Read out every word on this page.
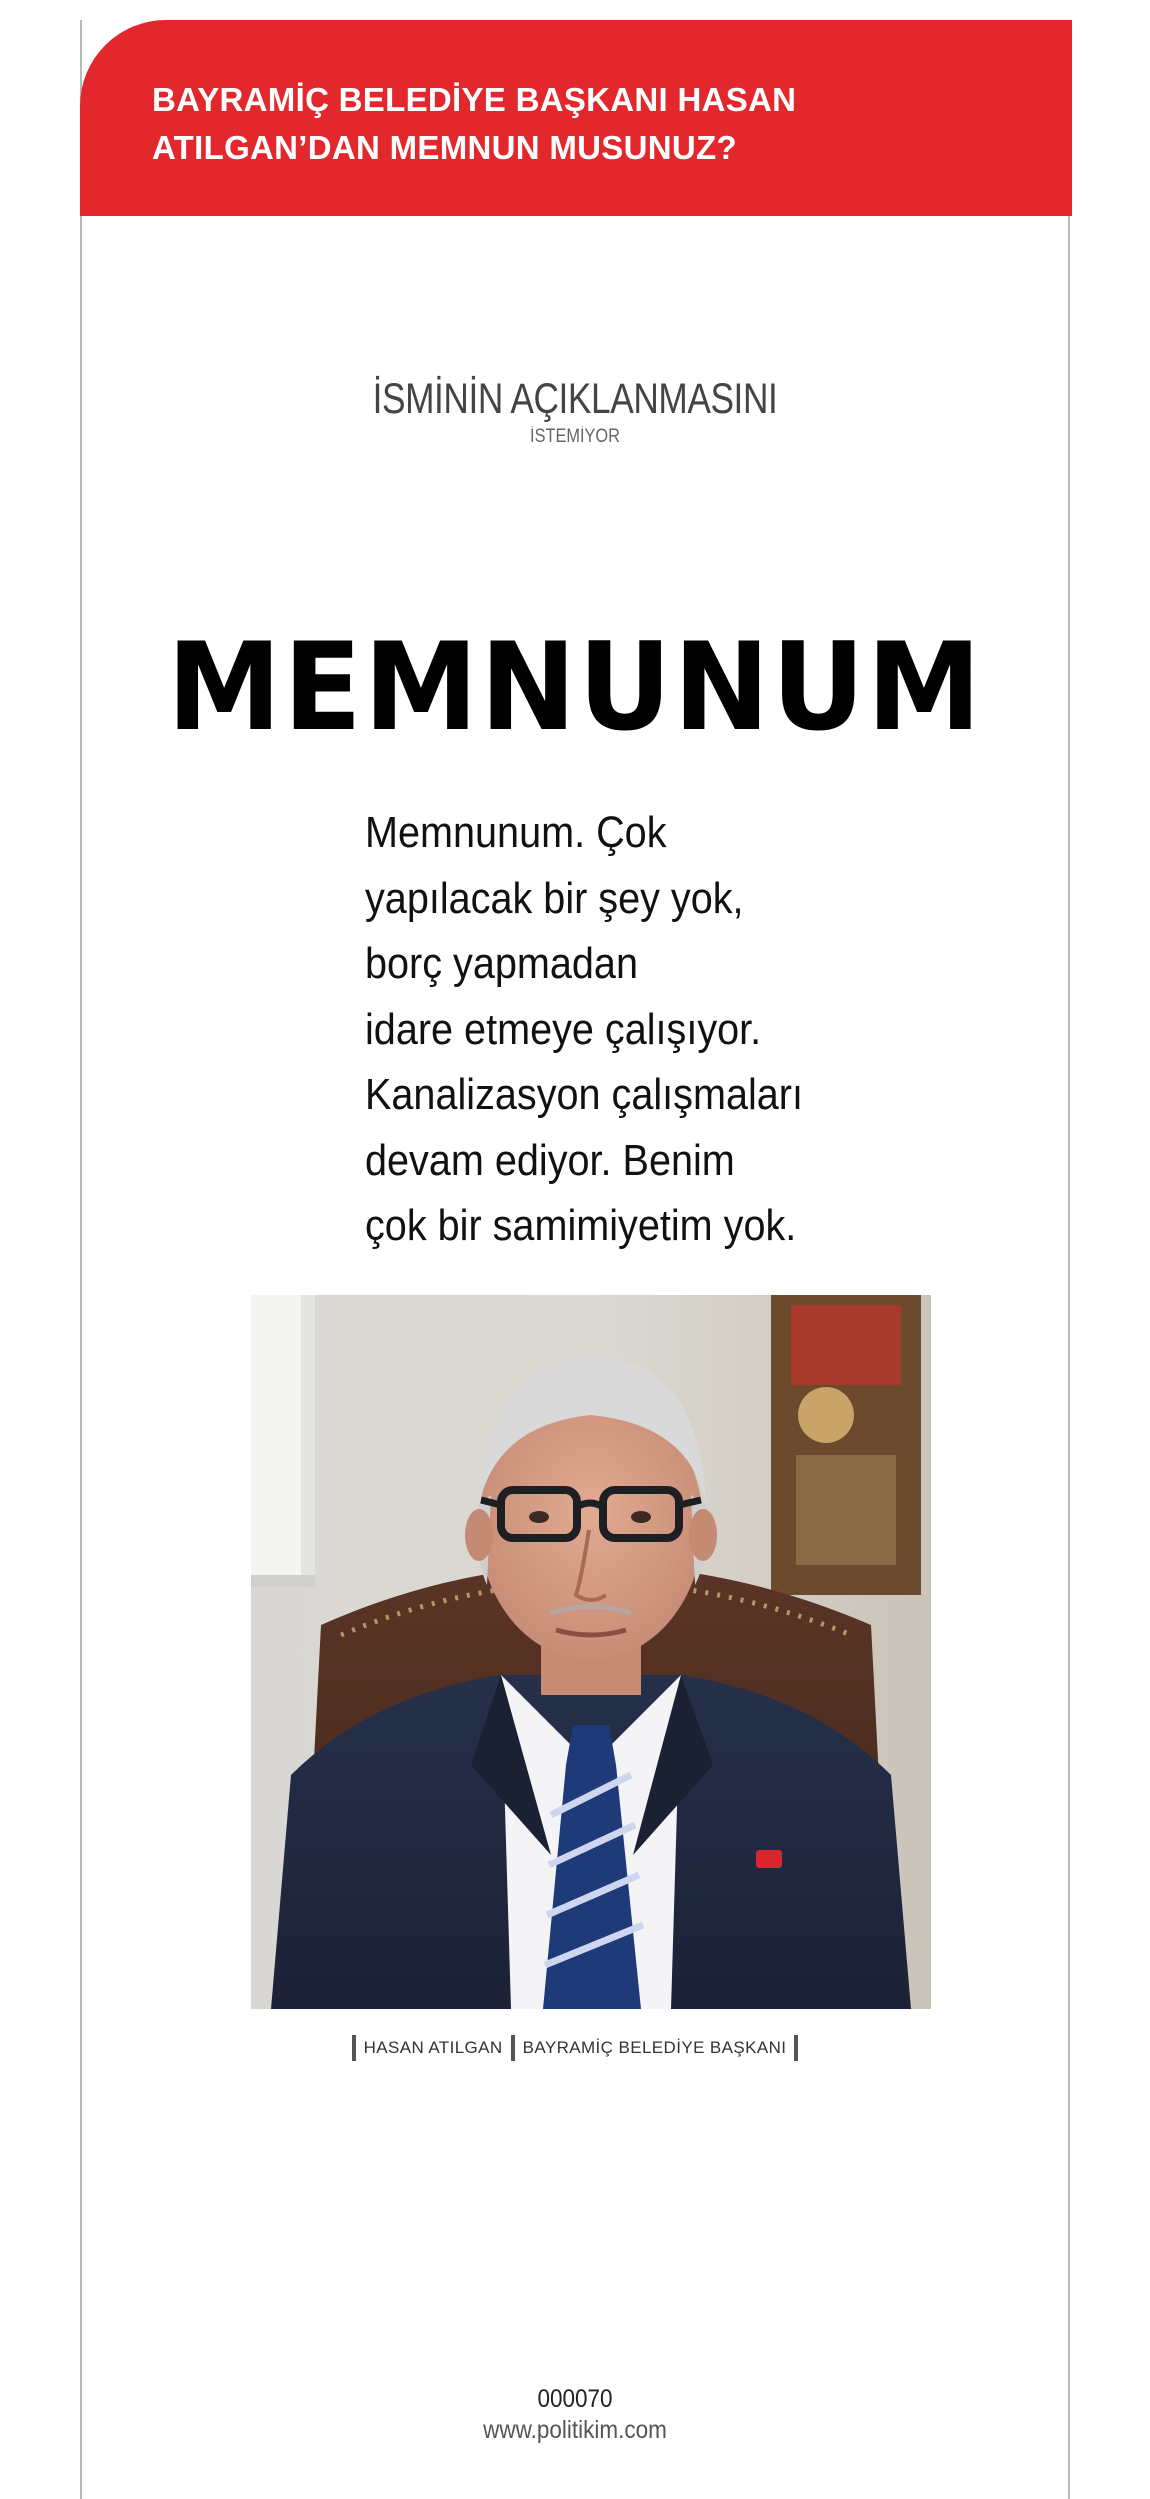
BAYRAMİÇ BELEDİYE BAŞKANI HASAN
ATILGAN’DAN MEMNUN MUSUNUZ?
İSMİNİN AÇIKLANMASINI
İSTEMİYOR
MEMNUNUM
Memnunum. Çok
yapılacak bir şey yok,
borç yapmadan
idare etmeye çalışıyor.
Kanalizasyon çalışmaları
devam ediyor. Benim
çok bir samimiyetim yok.
HASAN ATILGAN BAYRAMİÇ BELEDİYE BAŞKANI
000070
www.politikim.com
